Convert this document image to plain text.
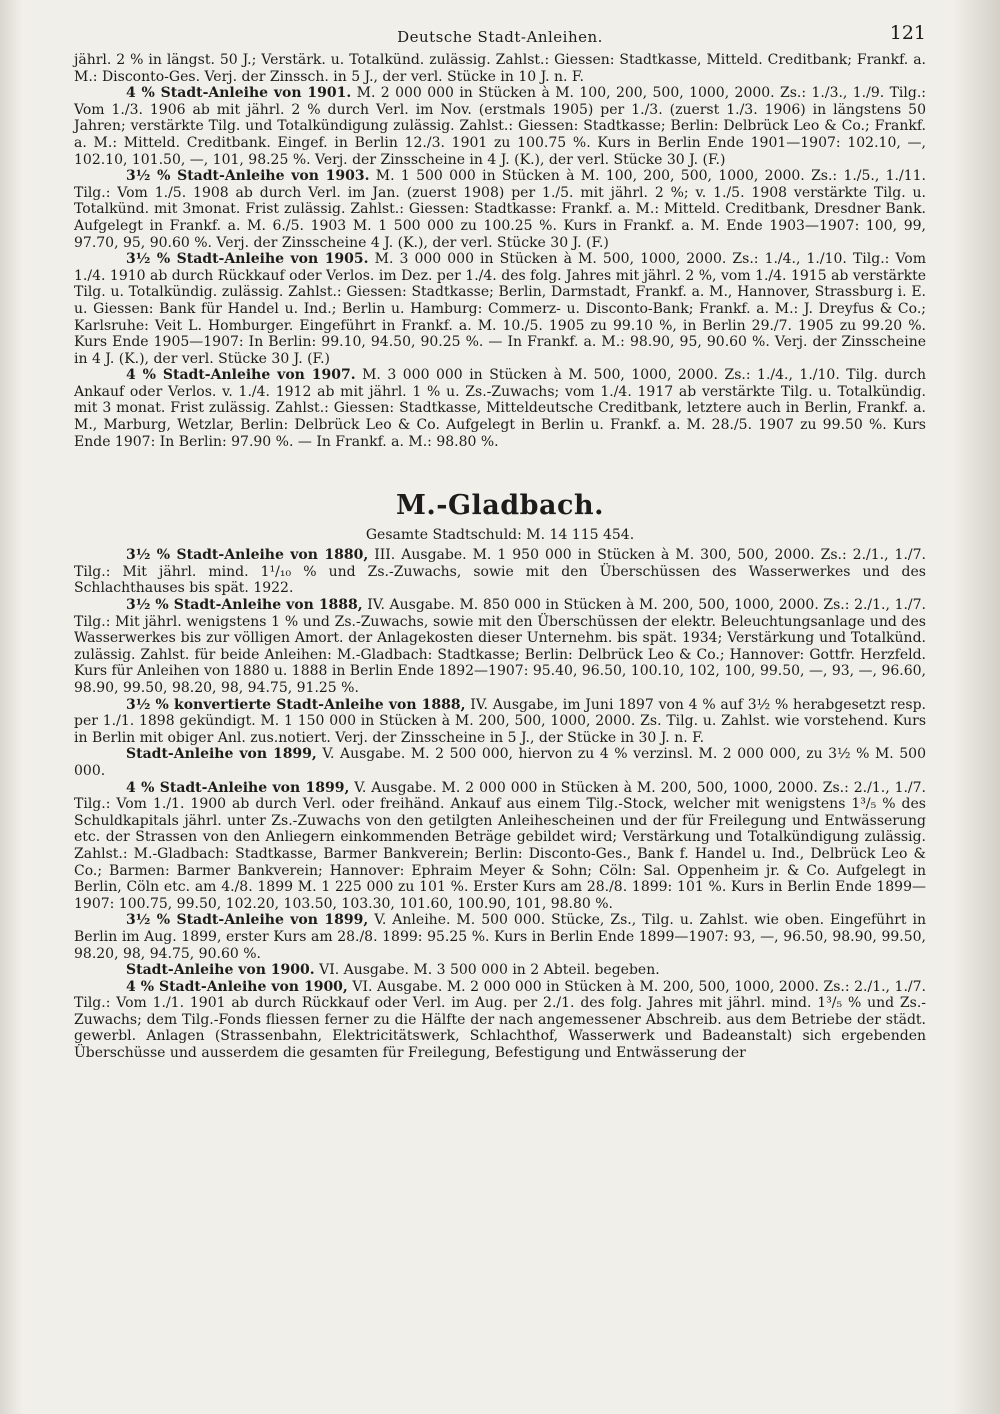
Deutsche Stadt-Anleihen.	121

jährl. 2 % in längst. 50 J.; Verstärk. u. Totalkünd. zulässig. Zahlst.: Giessen: Stadtkasse, Mitteld. Creditbank; Frankf. a. M.: Disconto-Ges. Verj. der Zinssch. in 5 J., der verl. Stücke in 10 J. n. F.

4 % Stadt-Anleihe von 1901. M. 2 000 000 in Stücken à M. 100, 200, 500, 1000, 2000. Zs.: 1./3., 1./9. Tilg.: Vom 1./3. 1906 ab mit jährl. 2 % durch Verl. im Nov. (erstmals 1905) per 1./3. (zuerst 1./3. 1906) in längstens 50 Jahren; verstärkte Tilg. und Totalkündigung zulässig. Zahlst.: Giessen: Stadtkasse; Berlin: Delbrück Leo & Co.; Frankf. a. M.: Mitteld. Creditbank. Eingef. in Berlin 12./3. 1901 zu 100.75 %. Kurs in Berlin Ende 1901—1907: 102.10, —, 102.10, 101.50, —, 101, 98.25 %. Verj. der Zinsscheine in 4 J. (K.), der verl. Stücke 30 J. (F.)

3½ % Stadt-Anleihe von 1903. M. 1 500 000 in Stücken à M. 100, 200, 500, 1000, 2000. Zs.: 1./5., 1./11. Tilg.: Vom 1./5. 1908 ab durch Verl. im Jan. (zuerst 1908) per 1./5. mit jährl. 2 %; v. 1./5. 1908 verstärkte Tilg. u. Totalkünd. mit 3monat. Frist zulässig. Zahlst.: Giessen: Stadtkasse: Frankf. a. M.: Mitteld. Creditbank, Dresdner Bank. Aufgelegt in Frankf. a. M. 6./5. 1903 M. 1 500 000 zu 100.25 %. Kurs in Frankf. a. M. Ende 1903—1907: 100, 99, 97.70, 95, 90.60 %. Verj. der Zinsscheine 4 J. (K.), der verl. Stücke 30 J. (F.)

3½ % Stadt-Anleihe von 1905. M. 3 000 000 in Stücken à M. 500, 1000, 2000. Zs.: 1./4., 1./10. Tilg.: Vom 1./4. 1910 ab durch Rückkauf oder Verlos. im Dez. per 1./4. des folg. Jahres mit jährl. 2 %, vom 1./4. 1915 ab verstärkte Tilg. u. Totalkündig. zulässig. Zahlst.: Giessen: Stadtkasse; Berlin, Darmstadt, Frankf. a. M., Hannover, Strassburg i. E. u. Giessen: Bank für Handel u. Ind.; Berlin u. Hamburg: Commerz- u. Disconto-Bank; Frankf. a. M.: J. Dreyfus & Co.; Karlsruhe: Veit L. Homburger. Eingeführt in Frankf. a. M. 10./5. 1905 zu 99.10 %, in Berlin 29./7. 1905 zu 99.20 %. Kurs Ende 1905—1907: In Berlin: 99.10, 94.50, 90.25 %. — In Frankf. a. M.: 98.90, 95, 90.60 %. Verj. der Zinsscheine in 4 J. (K.), der verl. Stücke 30 J. (F.)

4 % Stadt-Anleihe von 1907. M. 3 000 000 in Stücken à M. 500, 1000, 2000. Zs.: 1./4., 1./10. Tilg. durch Ankauf oder Verlos. v. 1./4. 1912 ab mit jährl. 1 % u. Zs.-Zuwachs; vom 1./4. 1917 ab verstärkte Tilg. u. Totalkündig. mit 3 monat. Frist zulässig. Zahlst.: Giessen: Stadtkasse, Mitteldeutsche Creditbank, letztere auch in Berlin, Frankf. a. M., Marburg, Wetzlar, Berlin: Delbrück Leo & Co. Aufgelegt in Berlin u. Frankf. a. M. 28./5. 1907 zu 99.50 %. Kurs Ende 1907: In Berlin: 97.90 %. — In Frankf. a. M.: 98.80 %.

M.-Gladbach.
Gesamte Stadtschuld: M. 14 115 454.

3½ % Stadt-Anleihe von 1880, III. Ausgabe. M. 1 950 000 in Stücken à M. 300, 500, 2000. Zs.: 2./1., 1./7. Tilg.: Mit jährl. mind. 1¹/₁₀ % und Zs.-Zuwachs, sowie mit den Überschüssen des Wasserwerkes und des Schlachthauses bis spät. 1922.

3½ % Stadt-Anleihe von 1888, IV. Ausgabe. M. 850 000 in Stücken à M. 200, 500, 1000, 2000. Zs.: 2./1., 1./7. Tilg.: Mit jährl. wenigstens 1 % und Zs.-Zuwachs, sowie mit den Überschüssen der elektr. Beleuchtungsanlage und des Wasserwerkes bis zur völligen Amort. der Anlagekosten dieser Unternehm. bis spät. 1934; Verstärkung und Totalkünd. zulässig. Zahlst. für beide Anleihen: M.-Gladbach: Stadtkasse; Berlin: Delbrück Leo & Co.; Hannover: Gottfr. Herzfeld. Kurs für Anleihen von 1880 u. 1888 in Berlin Ende 1892—1907: 95.40, 96.50, 100.10, 102, 100, 99.50, —, 93, —, 96.60, 98.90, 99.50, 98.20, 98, 94.75, 91.25 %.

3½ % konvertierte Stadt-Anleihe von 1888, IV. Ausgabe, im Juni 1897 von 4 % auf 3½ % herabgesetzt resp. per 1./1. 1898 gekündigt. M. 1 150 000 in Stücken à M. 200, 500, 1000, 2000. Zs. Tilg. u. Zahlst. wie vorstehend. Kurs in Berlin mit obiger Anl. zus.notiert. Verj. der Zinsscheine in 5 J., der Stücke in 30 J. n. F.

Stadt-Anleihe von 1899, V. Ausgabe. M. 2 500 000, hiervon zu 4 % verzinsl. M. 2 000 000, zu 3½ % M. 500 000.

4 % Stadt-Anleihe von 1899, V. Ausgabe. M. 2 000 000 in Stücken à M. 200, 500, 1000, 2000. Zs.: 2./1., 1./7. Tilg.: Vom 1./1. 1900 ab durch Verl. oder freihänd. Ankauf aus einem Tilg.-Stock, welcher mit wenigstens 1³/₅ % des Schuldkapitals jährl. unter Zs.-Zuwachs von den getilgten Anleihescheinen und der für Freilegung und Entwässerung etc. der Strassen von den Anliegern einkommenden Beträge gebildet wird; Verstärkung und Totalkündigung zulässig. Zahlst.: M.-Gladbach: Stadtkasse, Barmer Bankverein; Berlin: Disconto-Ges., Bank f. Handel u. Ind., Delbrück Leo & Co.; Barmen: Barmer Bankverein; Hannover: Ephraim Meyer & Sohn; Cöln: Sal. Oppenheim jr. & Co. Aufgelegt in Berlin, Cöln etc. am 4./8. 1899 M. 1 225 000 zu 101 %. Erster Kurs am 28./8. 1899: 101 %. Kurs in Berlin Ende 1899—1907: 100.75, 99.50, 102.20, 103.50, 103.30, 101.60, 100.90, 101, 98.80 %.

3½ % Stadt-Anleihe von 1899, V. Anleihe. M. 500 000. Stücke, Zs., Tilg. u. Zahlst. wie oben. Eingeführt in Berlin im Aug. 1899, erster Kurs am 28./8. 1899: 95.25 %. Kurs in Berlin Ende 1899—1907: 93, —, 96.50, 98.90, 99.50, 98.20, 98, 94.75, 90.60 %.

Stadt-Anleihe von 1900. VI. Ausgabe. M. 3 500 000 in 2 Abteil. begeben.

4 % Stadt-Anleihe von 1900, VI. Ausgabe. M. 2 000 000 in Stücken à M. 200, 500, 1000, 2000. Zs.: 2./1., 1./7. Tilg.: Vom 1./1. 1901 ab durch Rückkauf oder Verl. im Aug. per 2./1. des folg. Jahres mit jährl. mind. 1³/₅ % und Zs.-Zuwachs; dem Tilg.-Fonds fliessen ferner zu die Hälfte der nach angemessener Abschreib. aus dem Betriebe der städt. gewerbl. Anlagen (Strassenbahn, Elektricitätswerk, Schlachthof, Wasserwerk und Badeanstalt) sich ergebenden Überschüsse und ausserdem die gesamten für Freilegung, Befestigung und Entwässerung der
